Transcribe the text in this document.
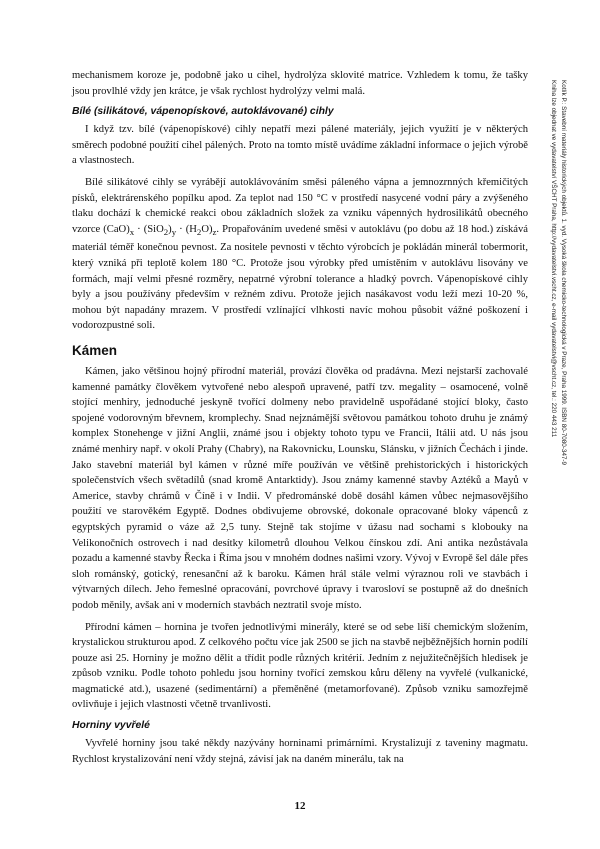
Kotlík P.: Stavební materiály historických objektů. 1. vyd. Vysoká škola chemicko-technologická v Praze, Praha 1999. ISBN 80-7080-347-9
Kniha lze objednat ve vydavatelství VŠCHT Praha, http://vydavatelstvi.vscht.cz, e-mail vydavatelstvi@vscht.cz, tel.: 220 443 211

mechanismem koroze je, podobně jako u cihel, hydrolýza sklovité matrice. Vzhledem k tomu, že tašky jsou provlhlé vždy jen krátce, je však rychlost hydrolýzy velmi malá.

Bílé (silikátové, vápenopískové, autoklávované) cihly

I když tzv. bílé (vápenopískové) cihly nepatří mezi pálené materiály, jejich využití je v některých směrech podobné použití cihel pálených. Proto na tomto místě uvádíme základní informace o jejich výrobě a vlastnostech.

Bílé silikátové cihly se vyrábějí autoklávováním směsi páleného vápna a jemnozrnných křemičitých písků, elektrárenského popílku apod. Za teplot nad 150 °C v prostředí nasycené vodní páry a zvýšeného tlaku dochází k chemické reakci obou základních složek za vzniku vápenných hydrosilikátů obecného vzorce $(CaO)_x \cdot (SiO_2)_y \cdot (H_2O)_z$. Propařováním uvedené směsi v autoklávu (po dobu až 18 hod.) získává materiál téměř konečnou pevnost. Za nositele pevnosti v těchto výrobcích je pokládán minerál tobermorit, který vzniká při teplotě kolem 180 °C. Protože jsou výrobky před umístěním v autoklávu lisovány ve formách, mají velmi přesné rozměry, nepatrné výrobní tolerance a hladký povrch. Vápenopískové cihly byly a jsou používány především v režném zdivu. Protože jejich nasákavost vodu leží mezi 10-20 %, mohou být napadány mrazem. V prostředí vzlínající vlhkosti navíc mohou působit vážné poškození i vodorozpustné soli.

Kámen

Kámen, jako většinou hojný přírodní materiál, provází člověka od pradávna. Mezi nejstarší zachovalé kamenné památky člověkem vytvořené nebo alespoň upravené, patří tzv. megality – osamocené, volně stojící menhiry, jednoduché jeskyně tvořící dolmeny nebo pravidelně uspořádané stojící bloky, často spojené vodorovným břevnem, kromplechy. Snad nejznámější světovou památkou tohoto druhu je známý komplex Stonehenge v jižní Anglii, známé jsou i objekty tohoto typu ve Francii, Itálii atd. U nás jsou známé menhiry např. v okolí Prahy (Chabry), na Rakovnicku, Lounsku, Slánsku, v jižních Čechách i jinde. Jako stavební materiál byl kámen v různé míře používán ve většině prehistorických i historických společenstvích všech světadílů (snad kromě Antarktidy). Jsou známy kamenné stavby Aztéků a Mayů v Americe, stavby chrámů v Číně i v Indii. V předrománské době dosáhl kámen vůbec nejmasovějšího použití ve starověkém Egyptě. Dodnes obdivujeme obrovské, dokonale opracované bloky vápenců z egyptských pyramid o váze až 2,5 tuny. Stejně tak stojíme v úžasu nad sochami s klobouky na Velikonočních ostrovech i nad desítky kilometrů dlouhou Velkou čínskou zdí. Ani antika nezůstávala pozadu a kamenné stavby Řecka i Říma jsou v mnohém dodnes našimi vzory. Vývoj v Evropě šel dále přes sloh románský, gotický, renesanční až k baroku. Kámen hrál stále velmi výraznou roli ve stavbách i výtvarných dílech. Jeho řemeslné opracování, povrchové úpravy i tvarosloví se postupně až do dnešních podob měnily, avšak ani v moderních stavbách neztratil svoje místo.

Přírodní kámen – hornina je tvořen jednotlivými minerály, které se od sebe liší chemickým složením, krystalickou strukturou apod. Z celkového počtu více jak 2500 se jich na stavbě nejběžnějších hornin podílí pouze asi 25. Horniny je možno dělit a třídit podle různých kritérií. Jedním z nejužitečnějších hledisek je způsob vzniku. Podle tohoto pohledu jsou horniny tvořící zemskou kůru děleny na vyvřelé (vulkanické, magmatické atd.), usazené (sedimentární) a přeměněné (metamorfované). Způsob vzniku samozřejmě ovlivňuje i jejich vlastnosti včetně trvanlivosti.

Horniny vyvřelé

Vyvřelé horniny jsou také někdy nazývány horninami primárními. Krystalizují z taveniny magmatu. Rychlost krystalizování není vždy stejná, závisí jak na daném minerálu, tak na

12
